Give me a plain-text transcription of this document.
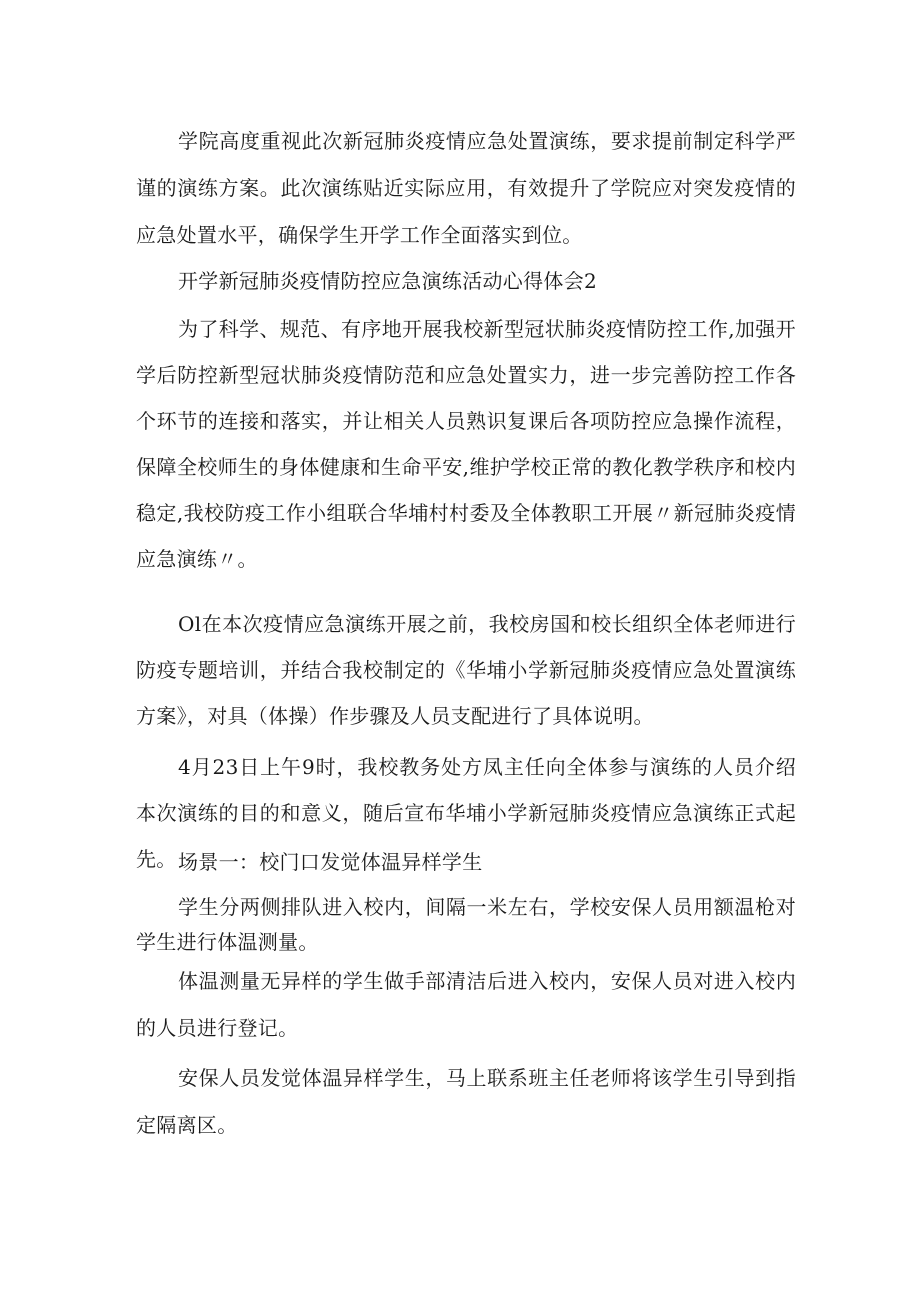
学院高度重视此次新冠肺炎疫情应急处置演练，要求提前制定科学严谨的演练方案。此次演练贴近实际应用，有效提升了学院应对突发疫情的应急处置水平，确保学生开学工作全面落实到位。

开学新冠肺炎疫情防控应急演练活动心得体会2

为了科学、规范、有序地开展我校新型冠状肺炎疫情防控工作,加强开学后防控新型冠状肺炎疫情防范和应急处置实力，进一步完善防控工作各个环节的连接和落实，并让相关人员熟识复课后各项防控应急操作流程，保障全校师生的身体健康和生命平安,维护学校正常的教化教学秩序和校内稳定,我校防疫工作小组联合华埔村村委及全体教职工开展〃新冠肺炎疫情应急演练〃。

Ol在本次疫情应急演练开展之前，我校房国和校长组织全体老师进行防疫专题培训，并结合我校制定的《华埔小学新冠肺炎疫情应急处置演练方案》，对具（体操）作步骤及人员支配进行了具体说明。

4月23日上午9时，我校教务处方凤主任向全体参与演练的人员介绍本次演练的目的和意义，随后宣布华埔小学新冠肺炎疫情应急演练正式起先。 场景一：校门口发觉体温异样学生

学生分两侧排队进入校内，间隔一米左右，学校安保人员用额温枪对学生进行体温测量。

体温测量无异样的学生做手部清洁后进入校内，安保人员对进入校内的人员进行登记。

安保人员发觉体温异样学生，马上联系班主任老师将该学生引导到指定隔离区。
